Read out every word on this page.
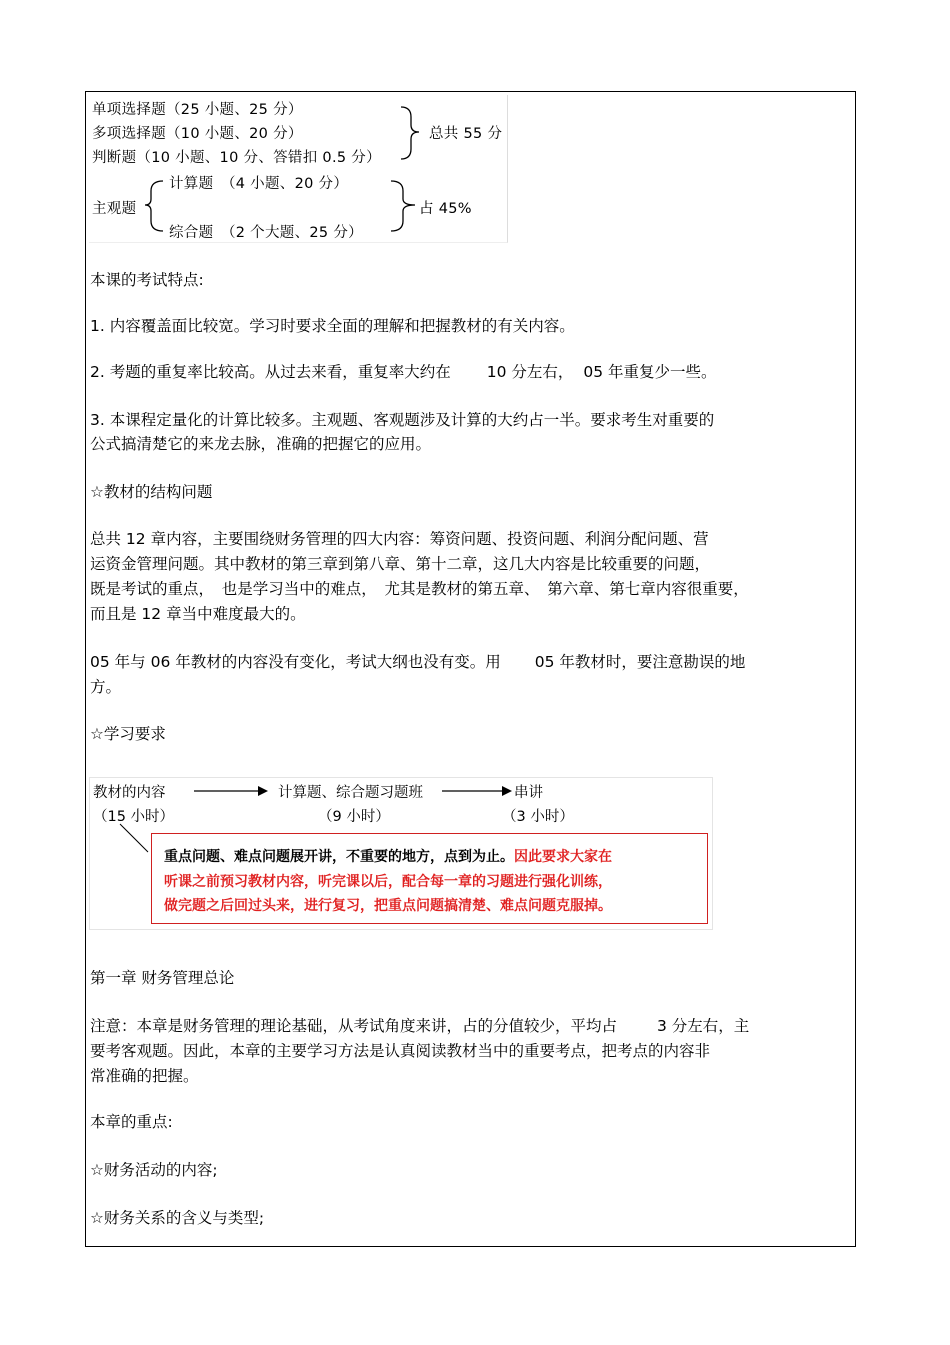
单项选择题（25 小题、25 分）
多项选择题（10 小题、20 分）
判断题（10 小题、10 分、答错扣 0.5 分）
总共 55 分
主观题
计算题　（4 小题、20 分）
综合题　（2 个大题、25 分）
占 45%
本课的考试特点:
1. 内容覆盖面比较宽。学习时要求全面的理解和把握教材的有关内容。
2. 考题的重复率比较高。从过去来看，重复率大约在 10 分左右， 05 年重复少一些。
3. 本课程定量化的计算比较多。主观题、客观题涉及计算的大约占一半。要求考生对重要的
公式搞清楚它的来龙去脉，准确的把握它的应用。
☆教材的结构问题
总共 12 章内容，主要围绕财务管理的四大内容：筹资问题、投资问题、利润分配问题、营
运资金管理问题。其中教材的第三章到第八章、第十二章，这几大内容是比较重要的问题，
既是考试的重点，　也是学习当中的难点，　尤其是教材的第五章、　第六章、第七章内容很重要，
而且是 12 章当中难度最大的。
05 年与 06 年教材的内容没有变化，考试大纲也没有变。用 05 年教材时，要注意勘误的地
方。
☆学习要求
教材的内容
（15 小时）
计算题、综合题习题班
（9 小时）
串讲
（3 小时）
重点问题、难点问题展开讲，不重要的地方，点到为止。因此要求大家在
听课之前预习教材内容，听完课以后，配合每一章的习题进行强化训练，
做完题之后回过头来，进行复习，把重点问题搞清楚、难点问题克服掉。
第一章 财务管理总论
注意：本章是财务管理的理论基础，从考试角度来讲，占的分值较少，平均占	3 分左右，主
要考客观题。因此，本章的主要学习方法是认真阅读教材当中的重要考点，把考点的内容非
常准确的把握。
本章的重点:
☆财务活动的内容;
☆财务关系的含义与类型;
